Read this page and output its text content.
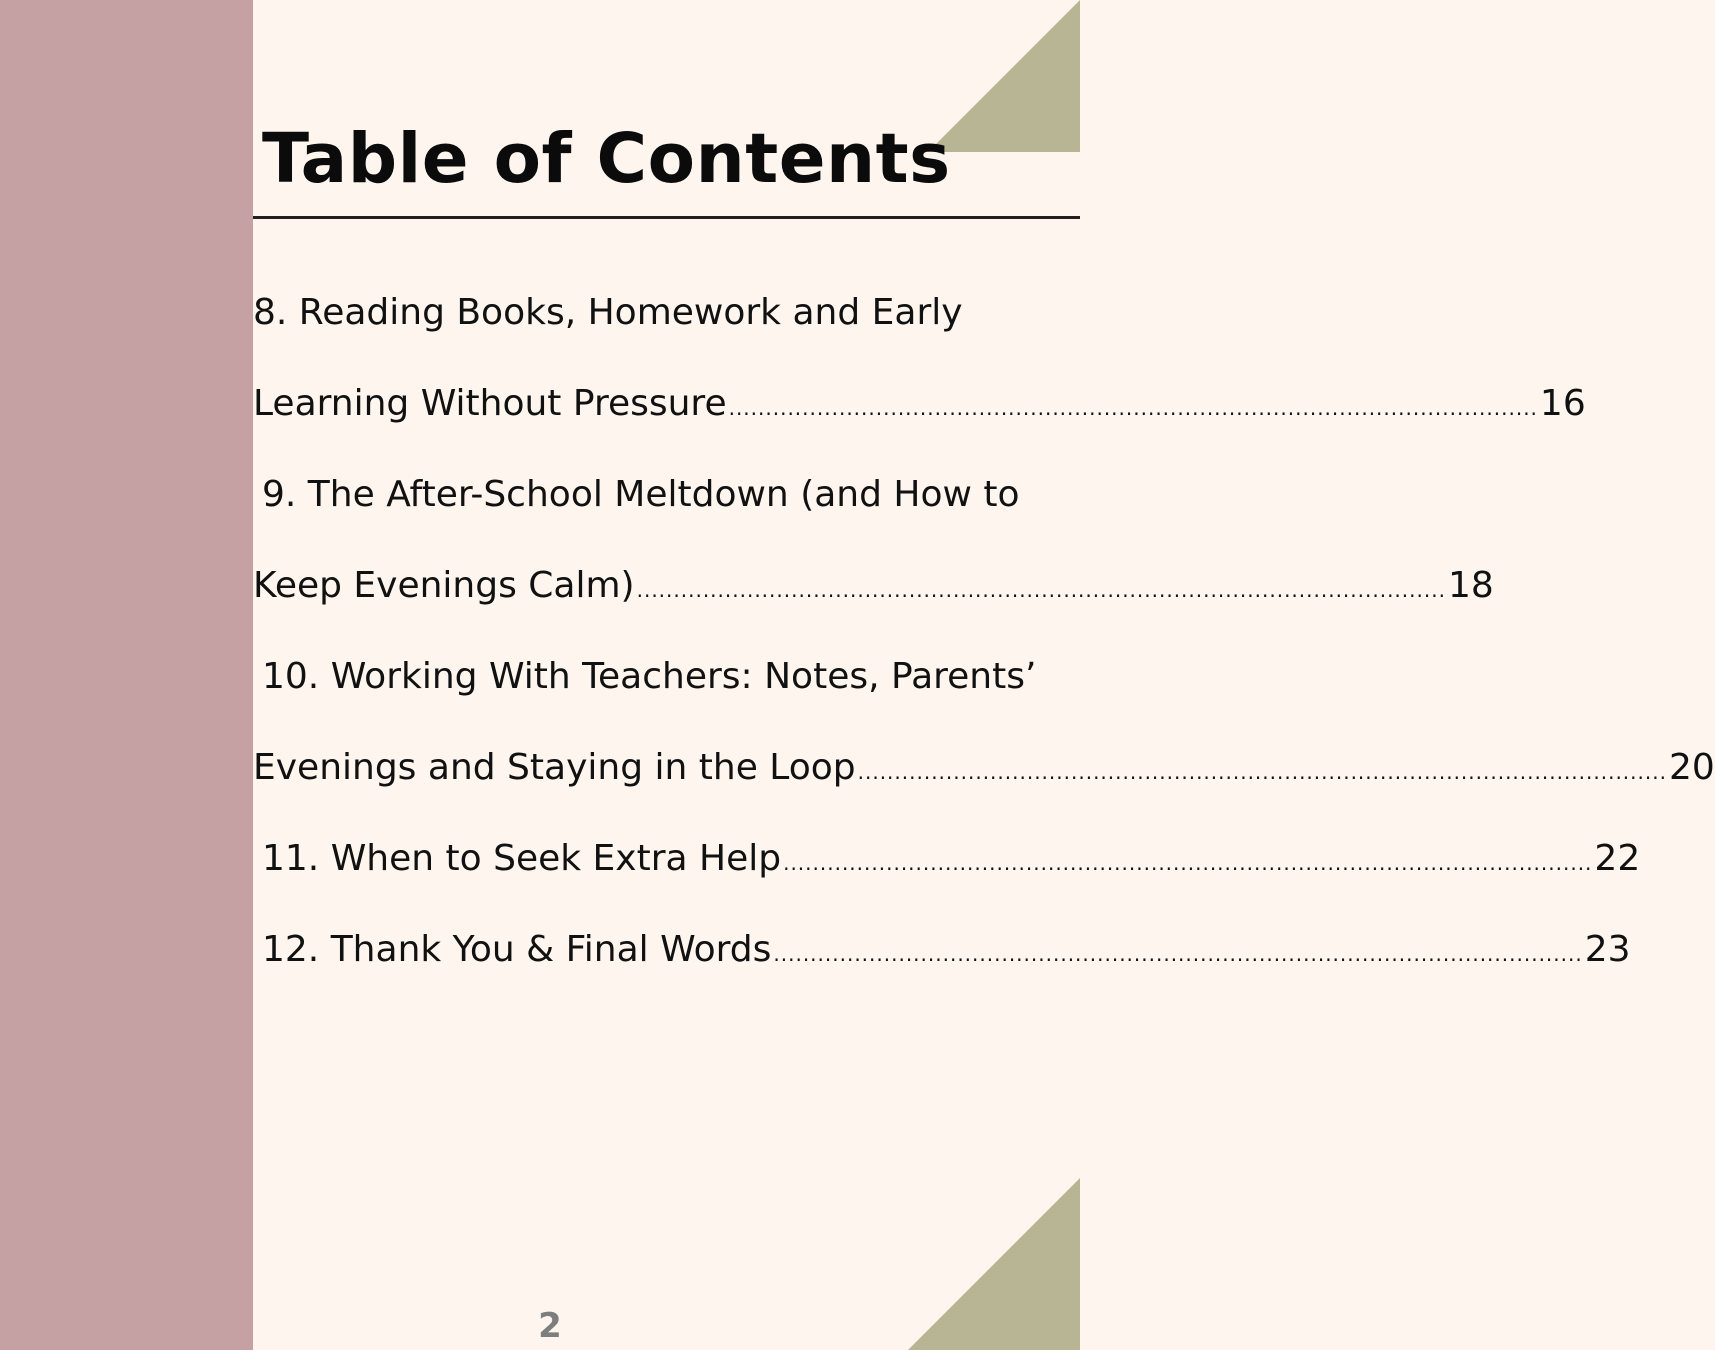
Table of Contents
8. Reading Books, Homework and Early
Learning Without Pressure .............................................................................................................. 16
9. The After-School Meltdown (and How to
Keep Evenings Calm) .............................................................................................................. 18
10. Working With Teachers: Notes, Parents’
Evenings and Staying in the Loop .............................................................................................................. 20
11. When to Seek Extra Help .............................................................................................................. 22
12. Thank You & Final Words .............................................................................................................. 23
2
